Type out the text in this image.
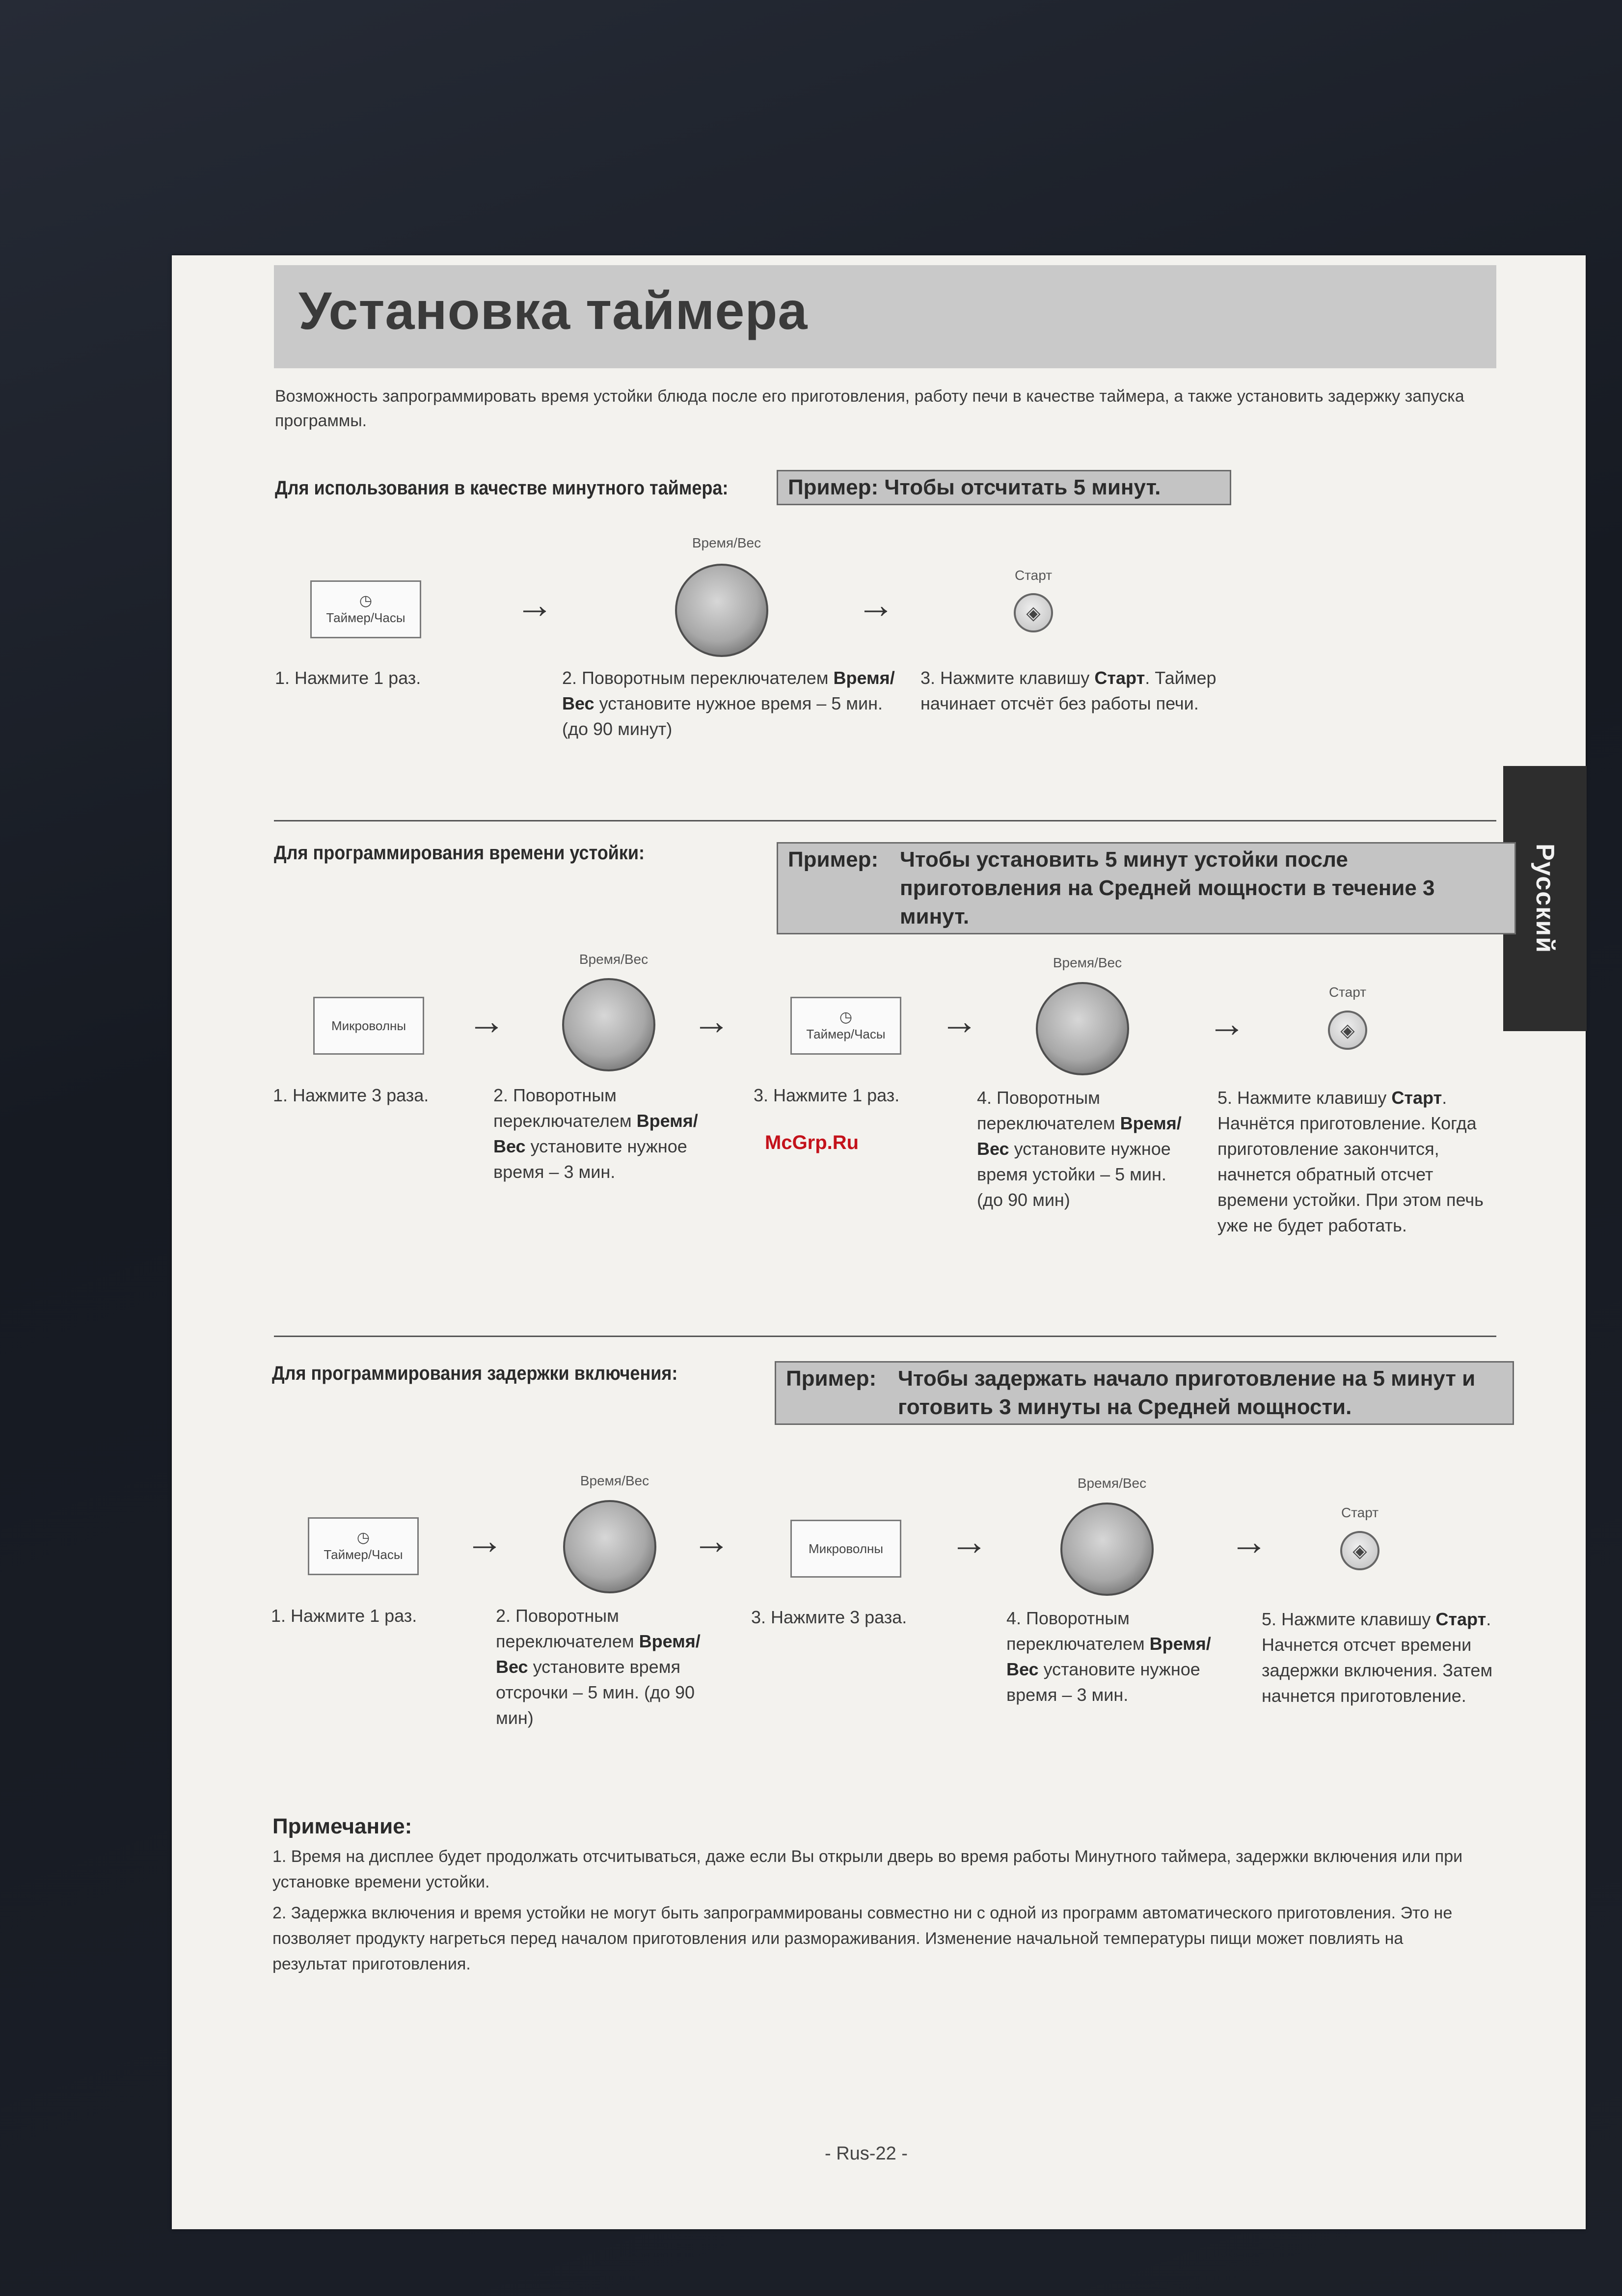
Установка таймера
Возможность запрограммировать время устойки блюда после его приготовления, работу печи в качестве таймера, а также установить задержку запуска программы.
Русский
Для использования в качестве минутного таймера:	Пример: Чтобы отсчитать 5 минут.
◷
Таймер/Часы	→
Время/Вес
→
Старт
◈
1. Нажмите 1 раз.	2. Поворотным переключателем Время/Вес установите нужное время – 5 мин. (до 90 минут)
3. Нажмите клавишу Старт. Таймер начинает отсчёт без работы печи.
Для программирования времени устойки:	Пример: Чтобы установить 5 минут устойки после приготовления на Средней мощности в течение 3 минут.
Микроволны →
Время/Вес
→	◷
Таймер/Часы →
Время/Вес
→
Старт
◈
1. Нажмите 3 раза.	2. Поворотным переключателем Время/Вес установите нужное время – 3 мин.
3. Нажмите 1 раз.	4. Поворотным переключателем Время/Вес установите нужное время устойки – 5 мин. (до 90 мин)
5. Нажмите клавишу Старт. Начнётся приготовление. Когда приготовление закончится, начнется обратный отсчет времени устойки. При этом печь уже не будет работать.
McGrp.Ru
Для программирования задержки включения:	Пример: Чтобы задержать начало приготовление на 5 минут и готовить 3 минуты на Средней мощности.
◷
Таймер/Часы →
Время/Вес
→	Микроволны →
Время/Вес
→
Старт
◈
1. Нажмите 1 раз.	2. Поворотным переключателем Время/Вес установите время отсрочки – 5 мин. (до 90 мин)
3. Нажмите 3 раза.	4. Поворотным переключателем Время/Вес установите нужное время – 3 мин.
5. Нажмите клавишу Старт. Начнется отсчет времени задержки включения. Затем начнется приготовление.
Примечание:
1. Время на дисплее будет продолжать отсчитываться, даже если Вы открыли дверь во время работы Минутного таймера, задержки включения или при установке времени устойки.
2. Задержка включения и время устойки не могут быть запрограммированы совместно ни с одной из программ автоматического приготовления. Это не позволяет продукту нагреться перед началом приготовления или размораживания. Изменение начальной температуры пищи может повлиять на результат приготовления.
- Rus-22 -
